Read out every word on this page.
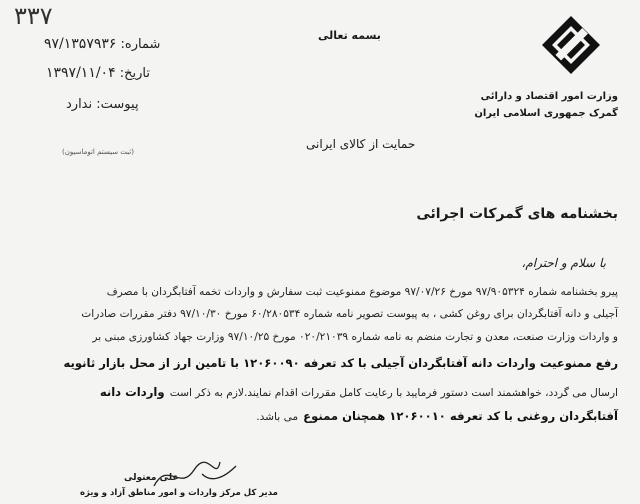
۳۳۷
شماره: ۹۷/۱۳۵۷۹۳۶
تاریخ: ۱۳۹۷/۱۱/۰۴
پیوست: ندارد
(ثبت سیستم اتوماسیون)
بسمه تعالی
حمایت از کالای ایرانی
وزارت امور اقتصاد و دارائی
گمرک جمهوری اسلامی ایران
بخشنامه های گمرکات اجرائی
با سلام و احترام،
پیرو بخشنامه شماره ۹۷/۹۰۵۳۲۴ مورخ ۹۷/۰۷/۲۶ موضوع ممنوعیت ثبت سفارش و واردات تخمه آفتابگردان با مصرف
آجیلی و دانه آفتابگردان برای روغن کشی ، به پیوست تصویر نامه شماره ۶۰/۲۸۰۵۳۴ مورخ ۹۷/۱۰/۳۰ دفتر مقررات صادرات
و واردات وزارت صنعت، معدن و تجارت منضم به نامه شماره ۰۲۰/۲۱۰۳۹ مورخ ۹۷/۱۰/۲۵ وزارت جهاد کشاورزی مبنی بر
رفع ممنوعیت واردات دانه آفتابگردان آجیلی با کد تعرفه ۱۲۰۶۰۰۹۰ با تامین ارز از محل بازار ثانویه
ارسال می گردد، خواهشمند است دستور فرمایید با رعایت کامل مقررات اقدام نمایند.لازم به ذکر است واردات دانه
آفتابگردان روغنی با کد تعرفه ۱۲۰۶۰۰۱۰ همچنان ممنوع می باشد.
علی معتولی
مدیر کل مرکز واردات و امور مناطق آزاد و ویژه
